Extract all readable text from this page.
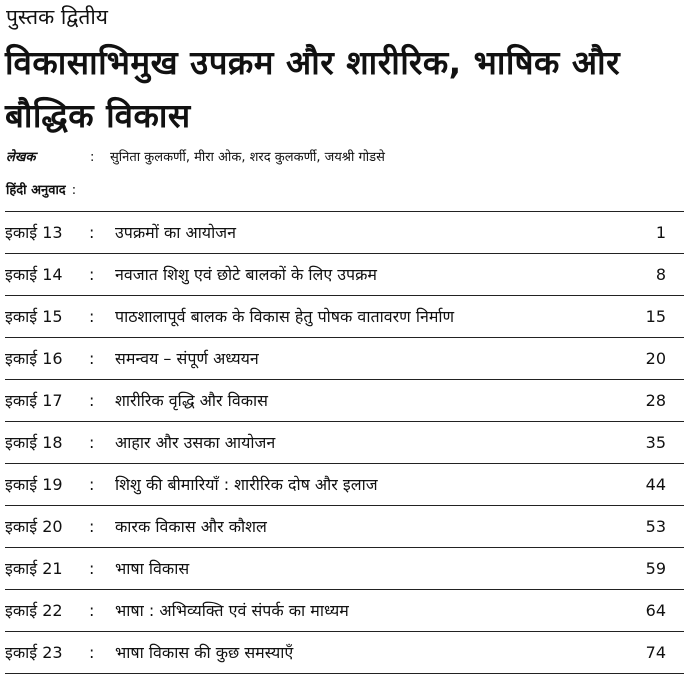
पुस्तक द्वितीय
विकासाभिमुख उपक्रम और शारीरिक, भाषिक और
बौद्धिक विकास
लेखक	: सुनिता कुलकर्णी, मीरा ओक, शरद कुलकर्णी, जयश्री गोडसे
हिंदी अनुवाद :
इकाई 13 : उपक्रमों का आयोजन	1
इकाई 14 : नवजात शिशु एवं छोटे बालकों के लिए उपक्रम	8
इकाई 15 : पाठशालापूर्व बालक के विकास हेतु पोषक वातावरण निर्माण	15
इकाई 16 : समन्वय – संपूर्ण अध्ययन	20
इकाई 17 : शारीरिक वृद्धि और विकास	28
इकाई 18 : आहार और उसका आयोजन	35
इकाई 19 : शिशु की बीमारियाँ : शारीरिक दोष और इलाज	44
इकाई 20 : कारक विकास और कौशल	53
इकाई 21 : भाषा विकास	59
इकाई 22 : भाषा : अभिव्यक्ति एवं संपर्क का माध्यम	64
इकाई 23 : भाषा विकास की कुछ समस्याएँ	74
